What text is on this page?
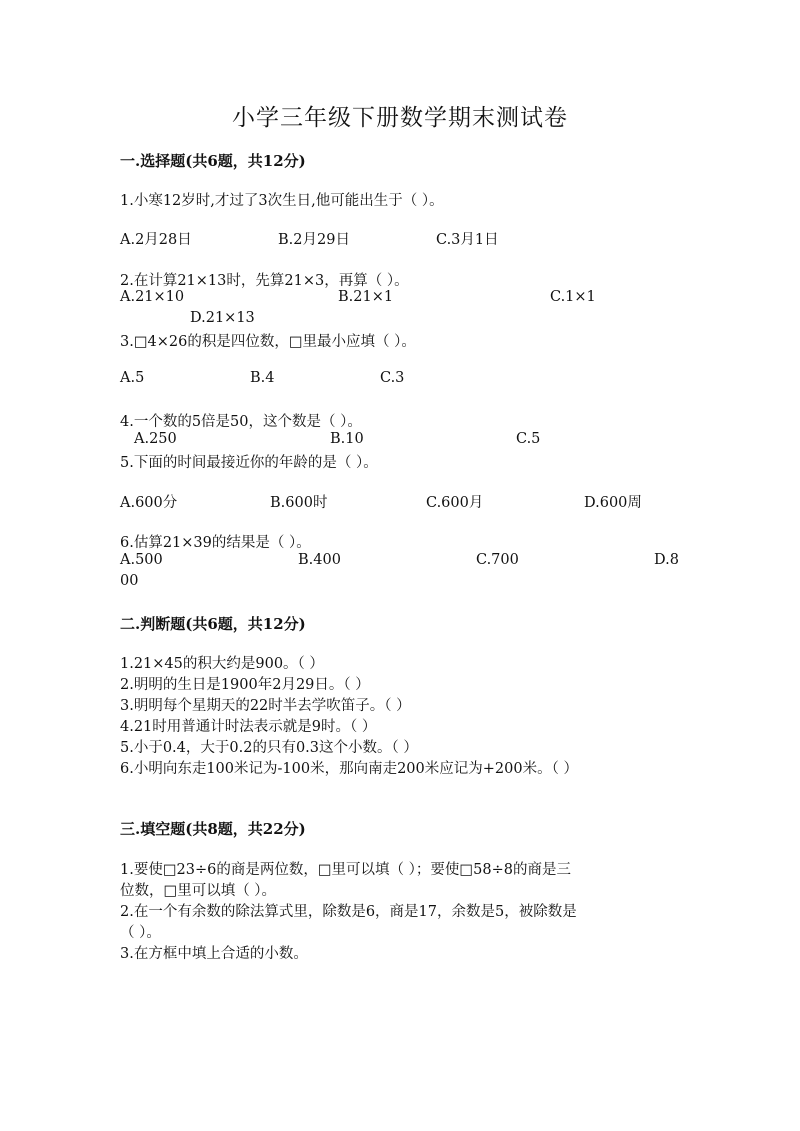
小学三年级下册数学期末测试卷
一.选择题(共6题，共12分)
1.小寒12岁时,才过了3次生日,他可能出生于（ ）。
A.2月28日	B.2月29日	C.3月1日
2.在计算21×13时，先算21×3，再算（ ）。
A.21×10	B.21×1	C.1×1
D.21×13
3.□4×26的积是四位数，□里最小应填（ ）。
A.5	B.4	C.3
4.一个数的5倍是50，这个数是（ ）。
A.250	B.10	C.5
5.下面的时间最接近你的年龄的是（ ）。
A.600分	B.600时	C.600月	D.600周
6.估算21×39的结果是（ ）。
A.500	B.400	C.700	D.8
00
二.判断题(共6题，共12分)
1.21×45的积大约是900。（ ）
2.明明的生日是1900年2月29日。（ ）
3.明明每个星期天的22时半去学吹笛子。（ ）
4.21时用普通计时法表示就是9时。（ ）
5.小于0.4，大于0.2的只有0.3这个小数。（ ）
6.小明向东走100米记为-100米，那向南走200米应记为+200米。（ ）
三.填空题(共8题，共22分)
1.要使□23÷6的商是两位数，□里可以填（ ）；要使□58÷8的商是三
位数，□里可以填（ ）。
2.在一个有余数的除法算式里，除数是6，商是17，余数是5，被除数是
（ ）。
3.在方框中填上合适的小数。
